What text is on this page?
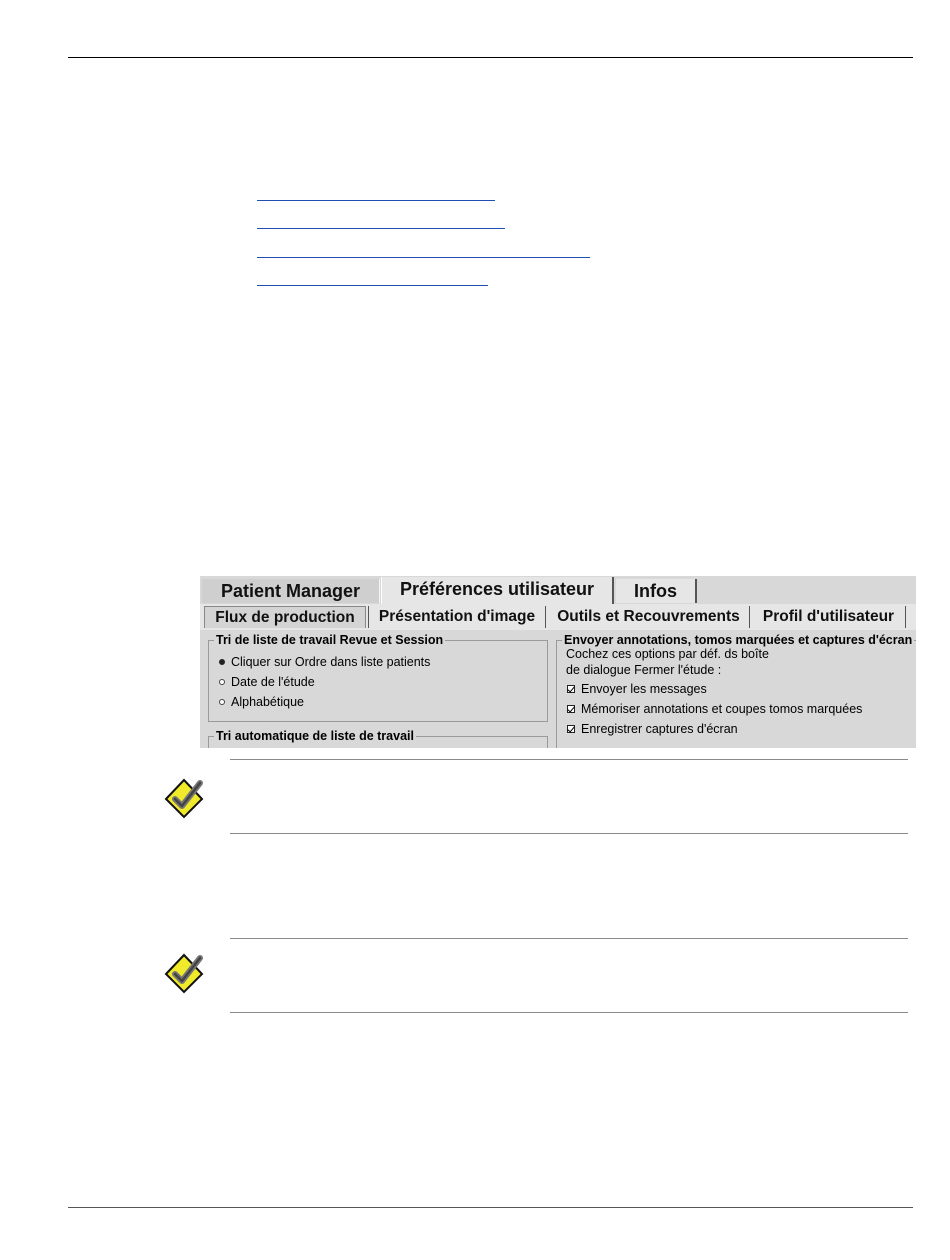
Patient Manager	Préférences utilisateur	Infos
Flux de production	Présentation d'image	Outils et Recouvrements	Profil d'utilisateur
Tri de liste de travail Revue et Session
Cliquer sur Ordre dans liste patients
Date de l'étude
Alphabétique
Tri automatique de liste de travail
Envoyer annotations, tomos marquées et captures d'écran
Cochez ces options par déf. ds boîte
de dialogue Fermer l'étude :
Envoyer les messages
Mémoriser annotations et coupes tomos marquées
Enregistrer captures d'écran
